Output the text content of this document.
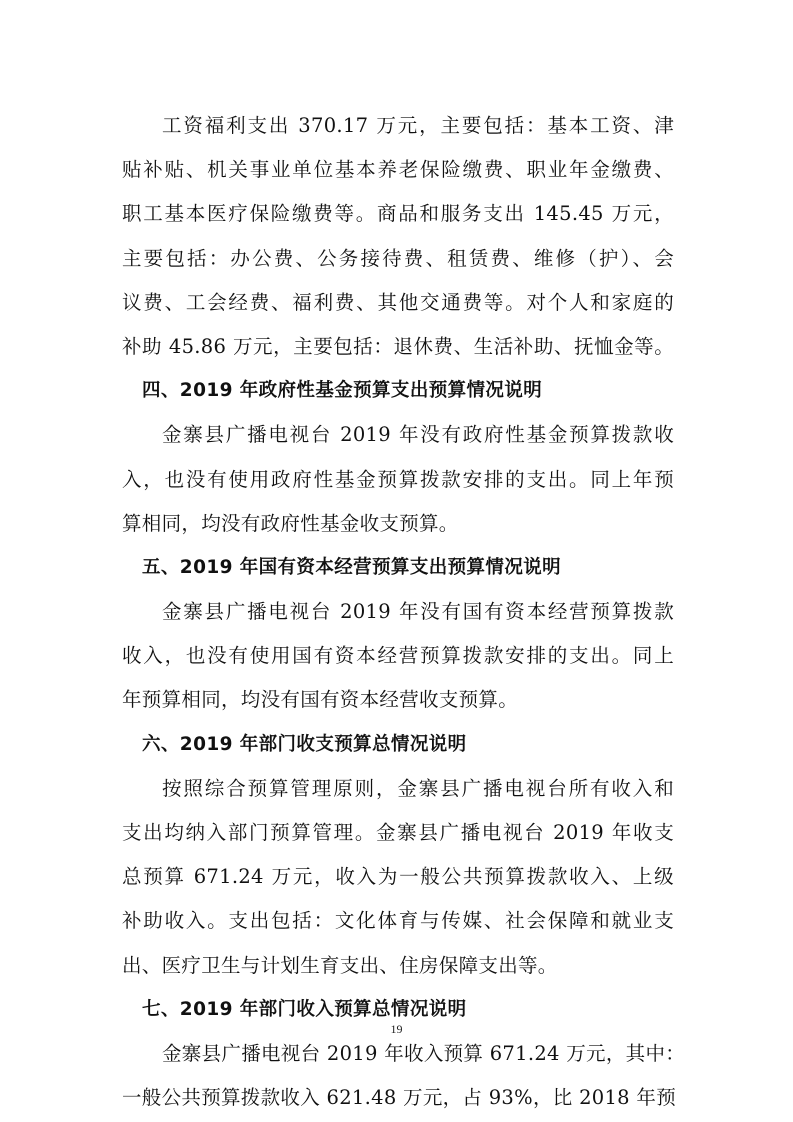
工资福利支出 370.17 万元，主要包括：基本工资、津
贴补贴、机关事业单位基本养老保险缴费、职业年金缴费、
职工基本医疗保险缴费等。商品和服务支出 145.45 万元，
主要包括：办公费、公务接待费、租赁费、维修（护）、会
议费、工会经费、福利费、其他交通费等。对个人和家庭的
补助 45.86 万元，主要包括：退休费、生活补助、抚恤金等。
四、2019 年政府性基金预算支出预算情况说明
金寨县广播电视台 2019 年没有政府性基金预算拨款收
入，也没有使用政府性基金预算拨款安排的支出。同上年预
算相同，均没有政府性基金收支预算。
五、2019 年国有资本经营预算支出预算情况说明
金寨县广播电视台 2019 年没有国有资本经营预算拨款
收入，也没有使用国有资本经营预算拨款安排的支出。同上
年预算相同，均没有国有资本经营收支预算。
六、2019 年部门收支预算总情况说明
按照综合预算管理原则，金寨县广播电视台所有收入和
支出均纳入部门预算管理。金寨县广播电视台 2019 年收支
总预算 671.24 万元，收入为一般公共预算拨款收入、上级
补助收入。支出包括：文化体育与传媒、社会保障和就业支
出、医疗卫生与计划生育支出、住房保障支出等。
七、2019 年部门收入预算总情况说明
金寨县广播电视台 2019 年收入预算 671.24 万元，其中：
一般公共预算拨款收入 621.48 万元，占 93%，比 2018 年预
19
